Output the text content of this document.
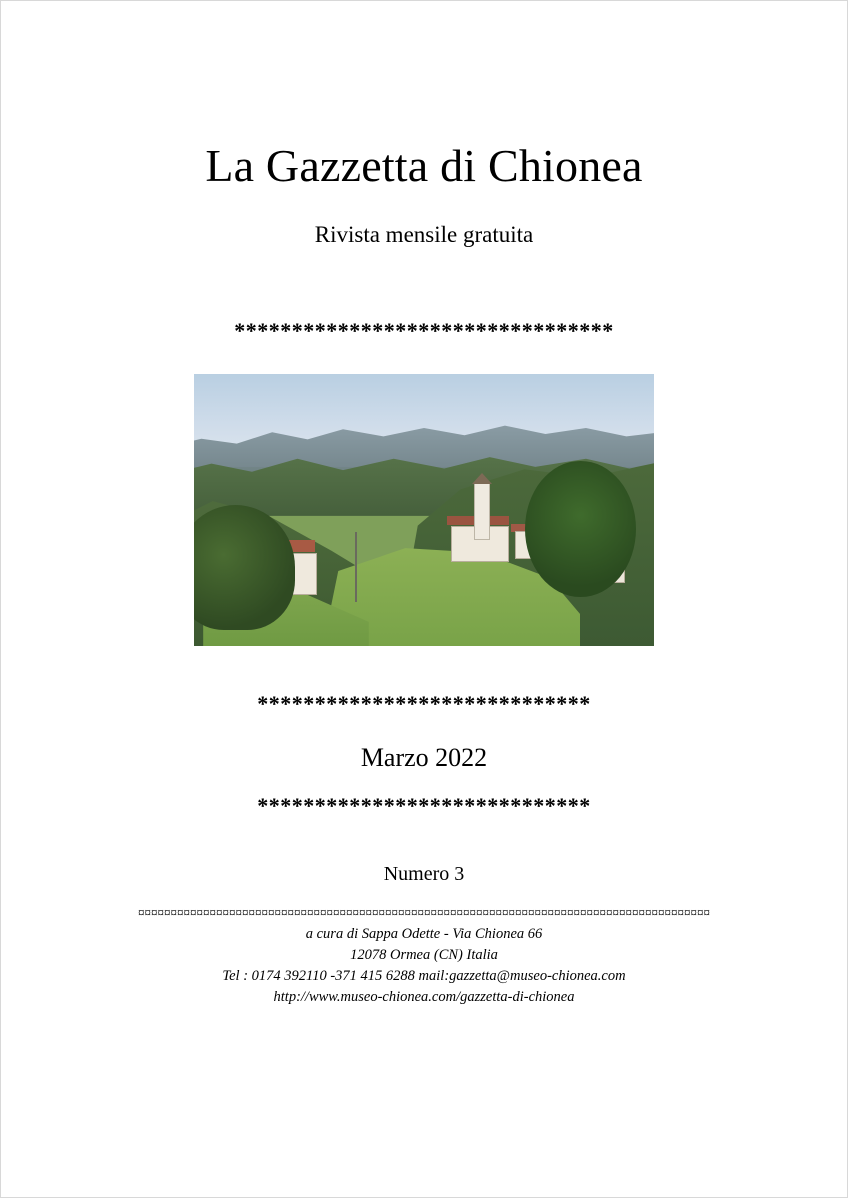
La Gazzetta di Chionea
Rivista mensile gratuita
*********************************
*****************************
Marzo 2022
*****************************
Numero 3
¤¤¤¤¤¤¤¤¤¤¤¤¤¤¤¤¤¤¤¤¤¤¤¤¤¤¤¤¤¤¤¤¤¤¤¤¤¤¤¤¤¤¤¤¤¤¤¤¤¤¤¤¤¤¤¤¤¤¤¤¤¤¤¤¤¤¤¤¤¤¤¤¤¤¤¤¤¤¤¤¤¤¤¤¤¤¤¤
a cura di Sappa Odette - Via Chionea 66
12078 Ormea (CN) Italia
Tel : 0174 392110 -371 415 6288 mail:gazzetta@museo-chionea.com
http://www.museo-chionea.com/gazzetta-di-chionea
